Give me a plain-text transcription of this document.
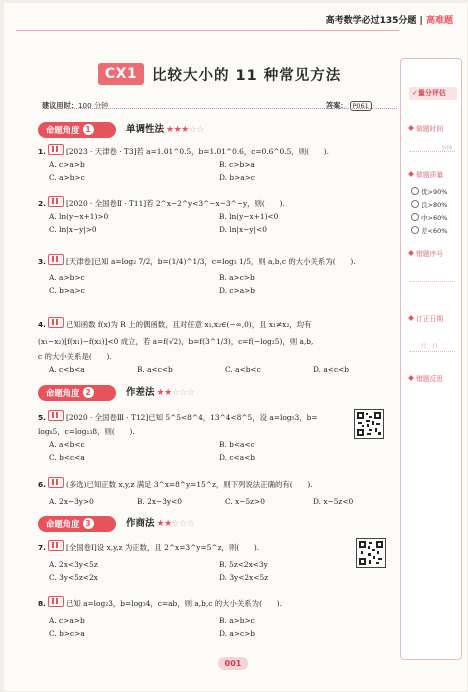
高考数学必过135分题 | 高难题
CX1	比较大小的 11 种常见方法
建议用时：100 分钟	答案： P061
命题角度 1	单调性法 ★★★☆☆
1.	[2023 · 天津卷 · T3]若 a=1.01^0.5，b=1.01^0.6，c=0.6^0.5，则(　　).
A. c>a>b	B. c>b>a
C. a>b>c	D. b>a>c
2.	[2020 · 全国卷Ⅱ · T11]若 2^x−2^y<3^−x−3^−y，则(　　).
A. ln(y−x+1)>0	B. ln(y−x+1)<0
C. ln|x−y|>0	D. ln|x−y|<0
3.	[天津卷]已知 a=log₂ 7/2，b=(1/4)^1/3，c=log₃ 1/5，则 a,b,c 的大小关系为(　　).
A. a>b>c	B. a>c>b
C. b>a>c	D. c>a>b
4.	已知函数 f(x)为 R 上的偶函数，且对任意 x₁,x₂∈(−∞,0)，且 x₁≠x₂，均有
(x₁−x₂)[f(x₁)−f(x₂)]<0 成立，若 a=f(√2)，b=f(3^1/3)，c=f(−log₂5)，则 a,b,
c 的大小关系是(　　).
A. c<b<a	B. a<c<b	C. a<b<c	D. a<c<b
命题角度 2	作差法 ★★☆☆☆
5.	[2020 · 全国卷Ⅲ · T12]已知 5^5<8^4，13^4<8^5，设 a=log₅3，b=
log₈5，c=log₁₃8，则(　　).
A. a<b<c	B. b<a<c
C. b<c<a	D. c<a<b
6.	(多选)已知正数 x,y,z 满足 3^x=8^y=15^z，则下列说法正确的有(　　).
A. 2x−3y>0	B. 2x−3y<0	C. x−5z>0	D. x−5z<0
命题角度 3	作商法 ★★☆☆☆
7.	[全国卷Ⅰ]设 x,y,z 为正数，且 2^x=3^y=5^z，则(　　).
A. 2x<3y<5z	B. 5z<2x<3y
C. 3y<5z<2x	D. 3y<2x<5z
8.	已知 a=log₂3，b=log₃4，c=ab，则 a,b,c 的大小关系为(　　).
A. c>a>b	B. a>b>c
C. b>c>a	D. a>c>b
✓量分评估
做题时间
分钟
做题质量
优>90%
良>80%
中>60%
差<60%
错题序号
订正日期
月　日
错题反思
001
